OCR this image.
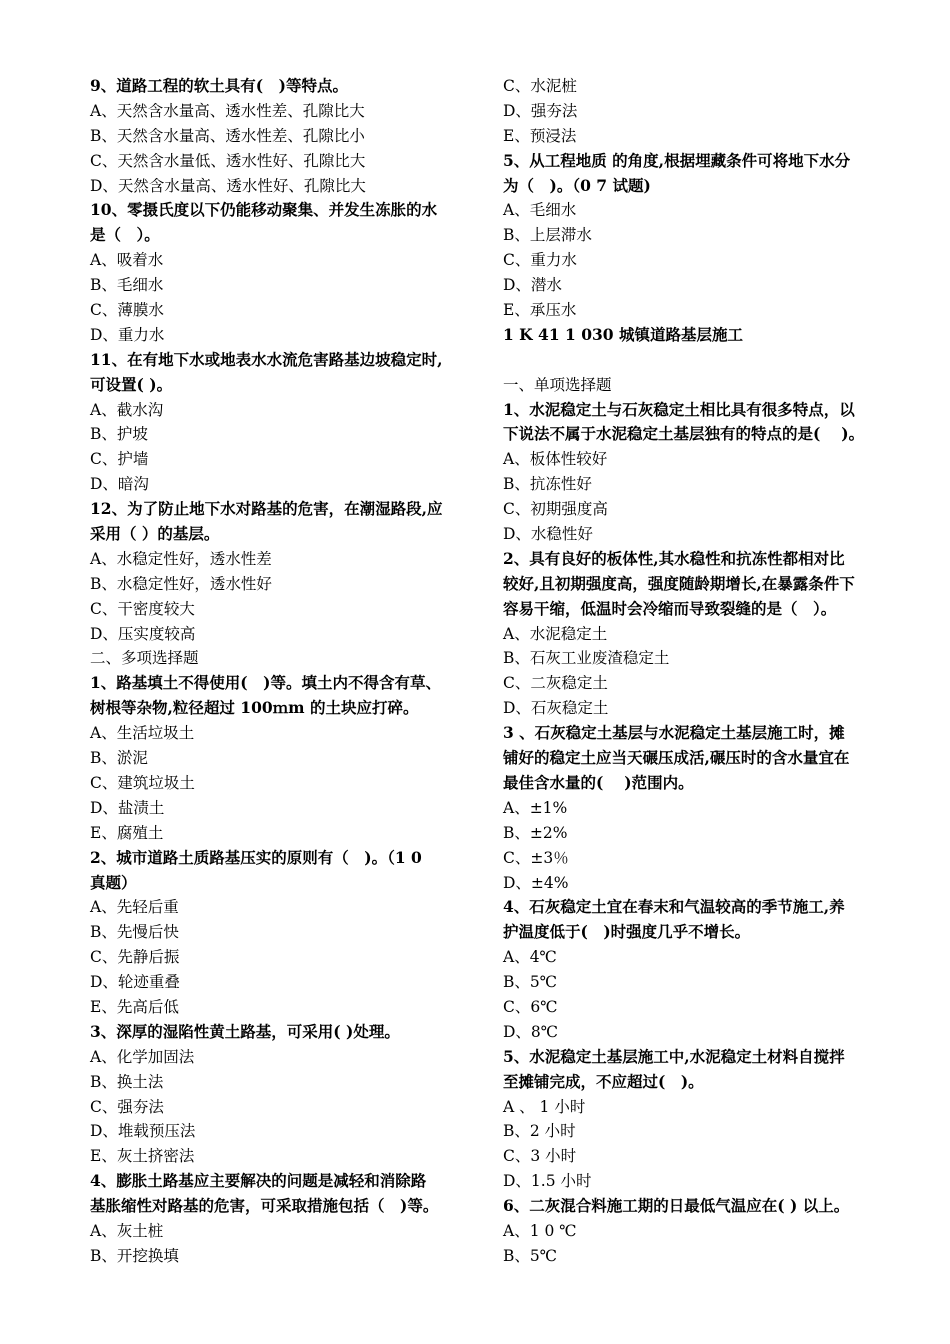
9、道路工程的软土具有(　)等特点。
A、天然含水量高、透水性差、孔隙比大
B、天然含水量高、透水性差、孔隙比小
C、天然含水量低、透水性好、孔隙比大
D、天然含水量高、透水性好、孔隙比大
10、零摄氏度以下仍能移动聚集、并发生冻胀的水
是（　）。
A、吸着水
B、毛细水
C、薄膜水
D、重力水
11、在有地下水或地表水水流危害路基边坡稳定时,
可设置( )。
A、截水沟
B、护坡
C、护墙
D、暗沟
12、为了防止地下水对路基的危害，在潮湿路段,应
采用（ ）的基层。
A、水稳定性好，透水性差
B、水稳定性好，透水性好
C、干密度较大
D、压实度较高
二、多项选择题
1、路基填土不得使用(　)等。填土内不得含有草、
树根等杂物,粒径超过 100ｍm 的土块应打碎。
A、生活垃圾土
B、淤泥
C、建筑垃圾土
D、盐渍土
E、腐殖土
2、城市道路土质路基压实的原则有（　)。（1 0
真题）
A、先轻后重
B、先慢后快
C、先静后振
D、轮迹重叠
E、先高后低
3、深厚的湿陷性黄土路基，可采用( )处理。
A、化学加固法
B、换土法
C、强夯法
D、堆载预压法
E、灰土挤密法
4、膨胀土路基应主要解决的问题是减轻和消除路
基胀缩性对路基的危害，可采取措施包括（　)等。
A、灰土桩
B、开挖换填
C、水泥桩
D、强夯法
E、预浸法
5、从工程地质 的角度,根据埋藏条件可将地下水分
为（　)。（0 7 试题)
A、毛细水
B、上层滞水
C、重力水
D、潜水
E、承压水
1 K 41 1 030 城镇道路基层施工
一、单项选择题
1、水泥稳定土与石灰稳定土相比具有很多特点，以
下说法不属于水泥稳定土基层独有的特点的是(　 )。
A、板体性较好
B、抗冻性好
C、初期强度高
D、水稳性好
2、具有良好的板体性,其水稳性和抗冻性都相对比
较好,且初期强度高，强度随龄期增长,在暴露条件下
容易干缩，低温时会冷缩而导致裂缝的是（　）。
A、水泥稳定土
B、石灰工业废渣稳定土
C、二灰稳定土
D、石灰稳定土
3 、石灰稳定土基层与水泥稳定土基层施工时，摊
铺好的稳定土应当天碾压成活,碾压时的含水量宜在
最佳含水量的(　 )范围内。
A、±1%
B、±2%
C、±3％
D、±4%
4、石灰稳定土宜在春末和气温较高的季节施工,养
护温度低于(　)时强度几乎不增长。
A、4℃
B、5℃
C、6℃
D、8℃
5、水泥稳定土基层施工中,水泥稳定土材料自搅拌
至摊铺完成，不应超过(　)。
A 、 1 小时
B、2 小时
C、3 小时
D、1.5 小时
6、二灰混合料施工期的日最低气温应在( ) 以上。
A、1 0 ℃
B、5℃
